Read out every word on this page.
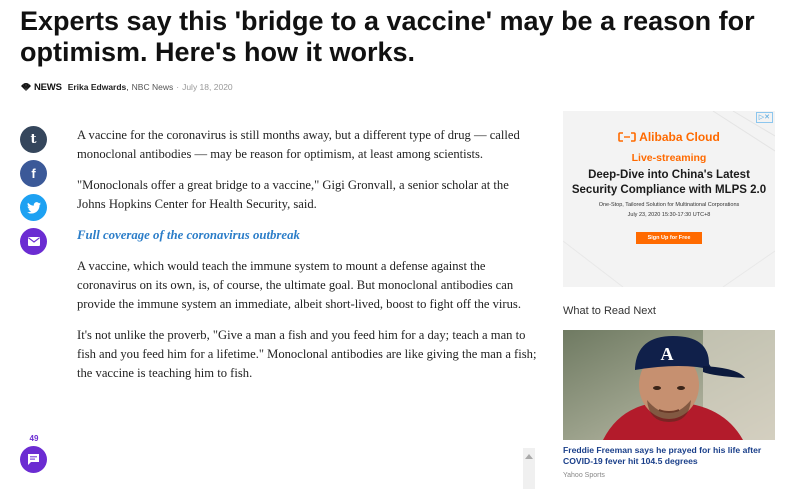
Experts say this 'bridge to a vaccine' may be a reason for optimism. Here's how it works.
NEWS Erika Edwards , NBC News · July 18, 2020
t
f
49

A vaccine for the coronavirus is still months away, but a different type of drug — called monoclonal antibodies — may be reason for optimism, at least among scientists.

"Monoclonals offer a great bridge to a vaccine," Gigi Gronvall, a senior scholar at the Johns Hopkins Center for Health Security, said.

Full coverage of the coronavirus outbreak

A vaccine, which would teach the immune system to mount a defense against the coronavirus on its own, is, of course, the ultimate goal. But monoclonal antibodies can provide the immune system an immediate, albeit short-lived, boost to fight off the virus.

It's not unlike the proverb, "Give a man a fish and you feed him for a day; teach a man to fish and you feed him for a lifetime." Monoclonal antibodies are like giving the man a fish; the vaccine is teaching him to fish.

▷✕
Alibaba Cloud
Live-streaming
Deep-Dive into China's Latest
Security Compliance with MLPS 2.0
One-Stop, Tailored Solution for Multinational Corporations
July 23, 2020 15:30-17:30 UTC+8
Sign Up for Free
What to Read Next
A
Freddie Freeman says he prayed for his life after COVID-19 fever hit 104.5 degrees
Yahoo Sports
